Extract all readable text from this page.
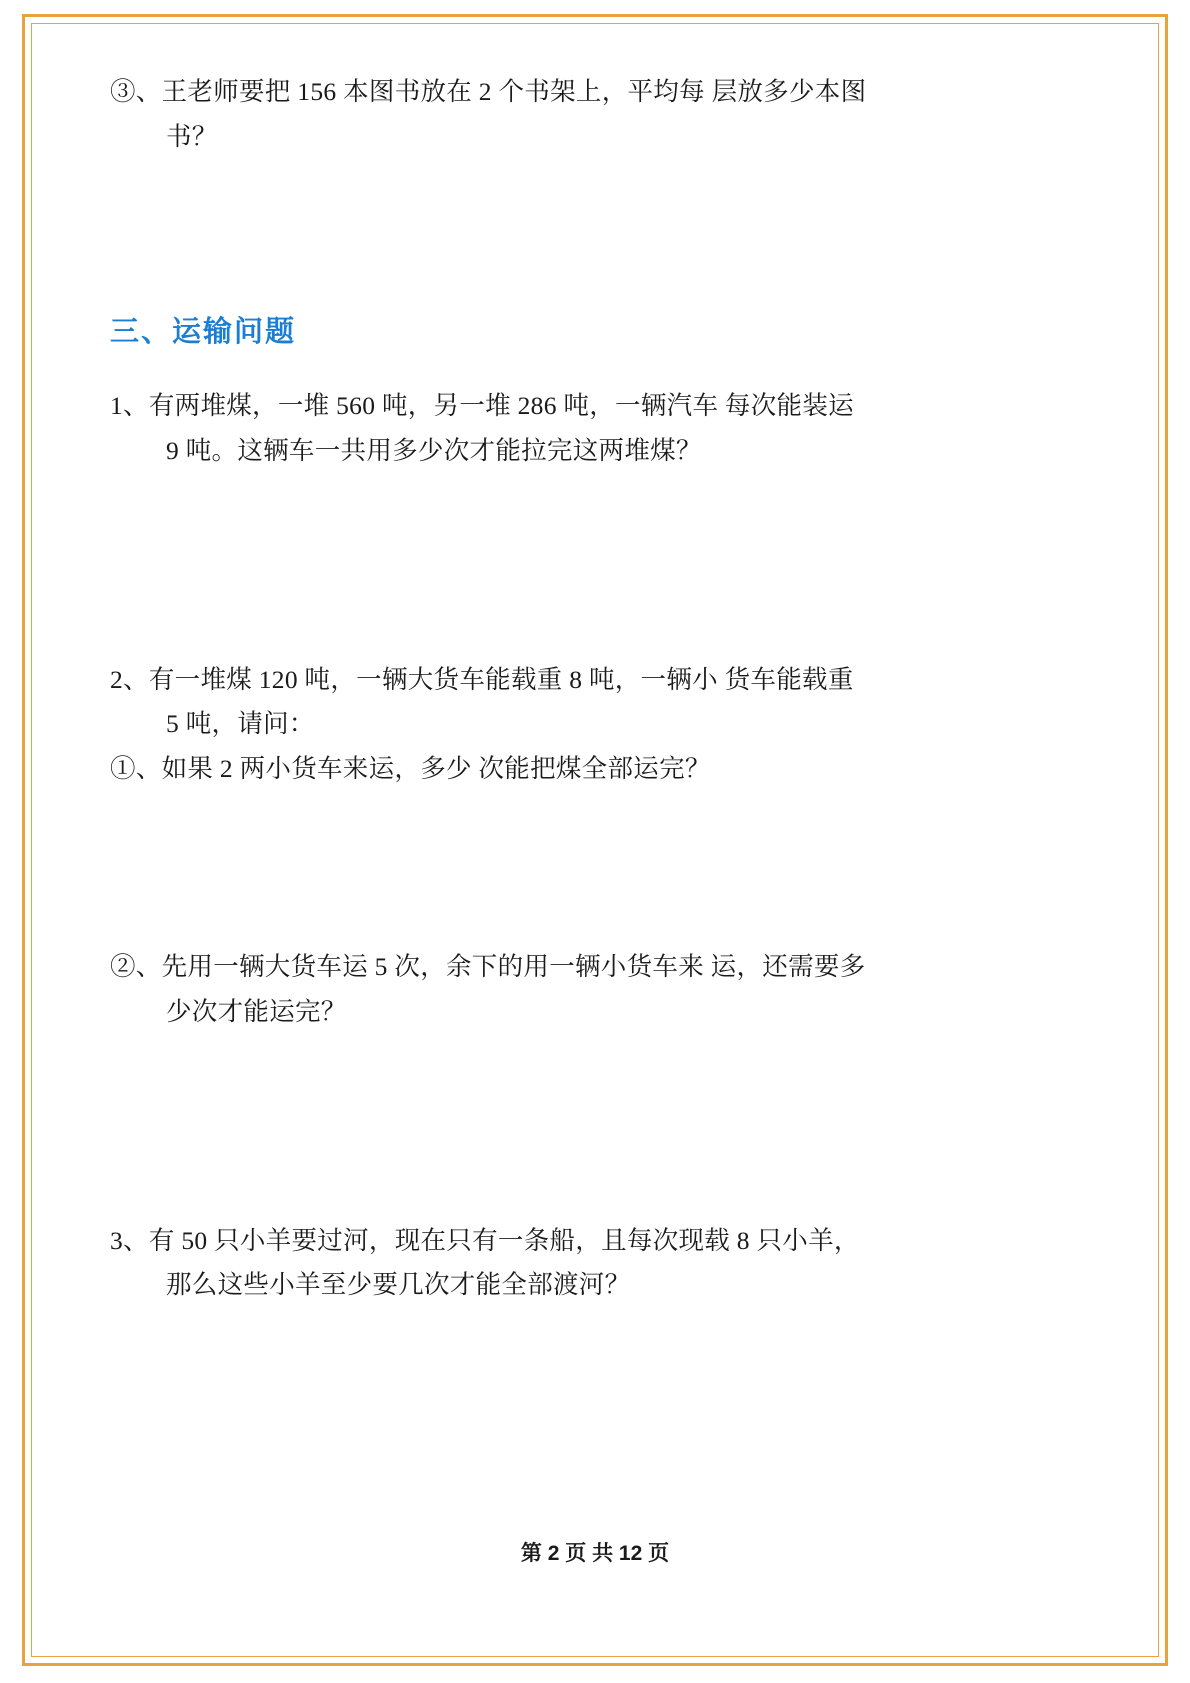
③、王老师要把 156 本图书放在 2 个书架上，平均每 层放多少本图
书？

三、运输问题

1、有两堆煤，一堆 560 吨，另一堆 286 吨，一辆汽车 每次能装运
9 吨。这辆车一共用多少次才能拉完这两堆煤？

2、有一堆煤 120 吨，一辆大货车能载重 8 吨，一辆小 货车能载重
5 吨，请问：

①、如果 2 两小货车来运，多少 次能把煤全部运完？

②、先用一辆大货车运 5 次，余下的用一辆小货车来 运，还需要多
少次才能运完？

3、有 50 只小羊要过河，现在只有一条船，且每次现载 8 只小羊，
那么这些小羊至少要几次才能全部渡河？

第 2 页 共 12 页
